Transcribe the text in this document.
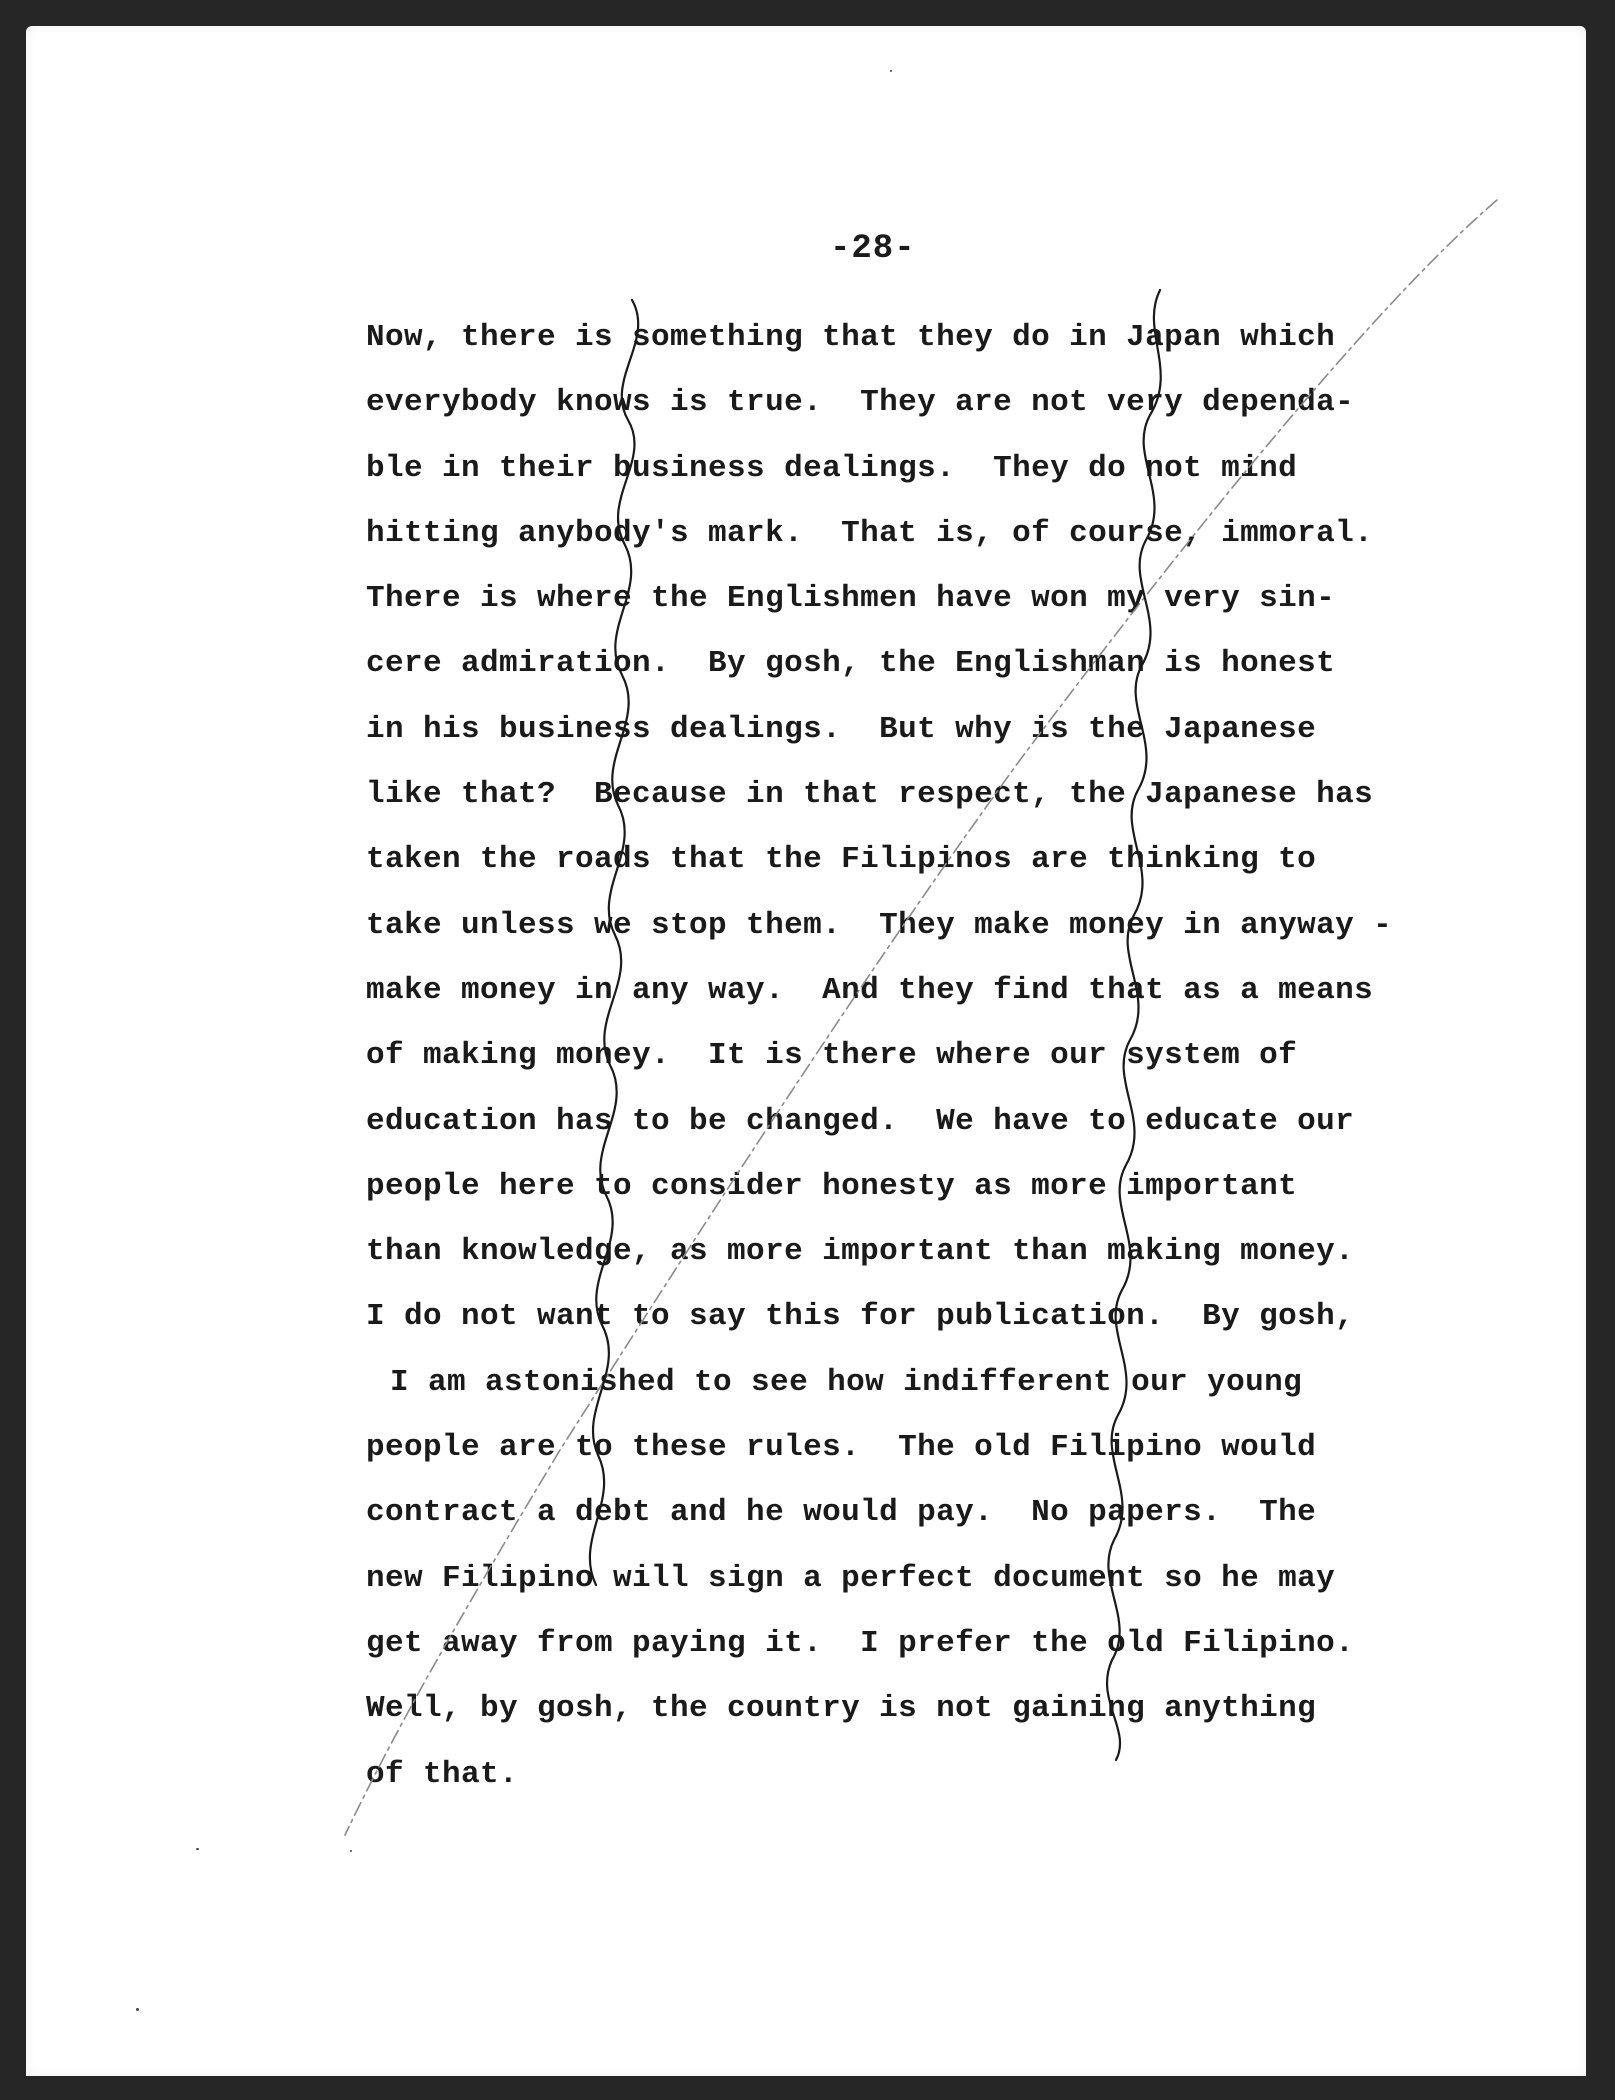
-28-
Now, there is something that they do in Japan which
everybody knows is true.  They are not very dependa-
ble in their business dealings.  They do not mind
hitting anybody's mark.  That is, of course, immoral.
There is where the Englishmen have won my very sin-
cere admiration.  By gosh, the Englishman is honest
in his business dealings.  But why is the Japanese
like that?  Because in that respect, the Japanese has
taken the roads that the Filipinos are thinking to
take unless we stop them.  They make money in anyway -
make money in any way.  And they find that as a means
of making money.  It is there where our system of
education has to be changed.  We have to educate our
people here to consider honesty as more important
than knowledge, as more important than making money.
I do not want to say this for publication.  By gosh,
I am astonished to see how indifferent our young
people are to these rules.  The old Filipino would
contract a debt and he would pay.  No papers.  The
new Filipino will sign a perfect document so he may
get away from paying it.  I prefer the old Filipino.
Well, by gosh, the country is not gaining anything
of that.
